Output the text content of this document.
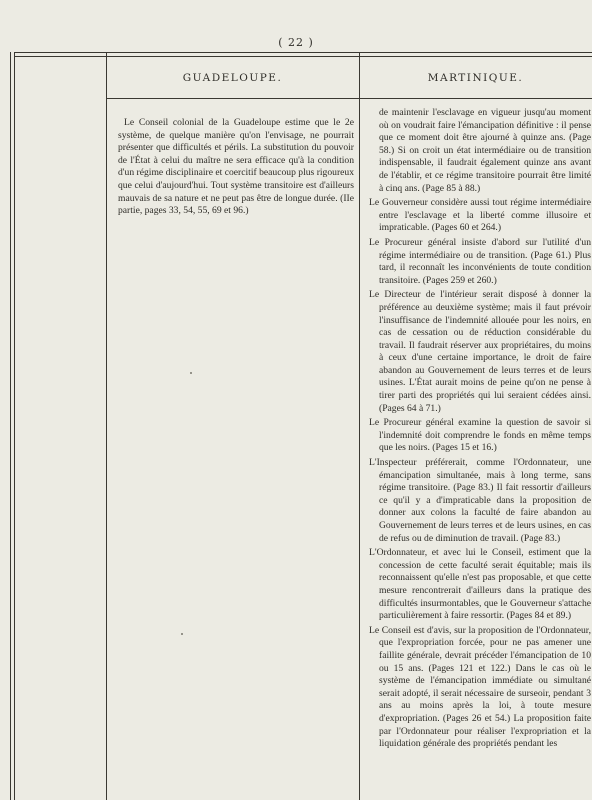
( 22 )
GUADELOUPE.	MARTINIQUE.

Le Conseil colonial de la Guadeloupe estime que le 2e système, de quelque manière qu'on l'envisage, ne pourrait présenter que difficultés et périls. La substitution du pouvoir de l'État à celui du maître ne sera efficace qu'à la condition d'un régime disciplinaire et coercitif beaucoup plus rigoureux que celui d'aujourd'hui. Tout système transitoire est d'ailleurs mauvais de sa nature et ne peut pas être de longue durée. (IIe partie, pages 33, 54, 55, 69 et 96.)

de maintenir l'esclavage en vigueur jusqu'au moment où on voudrait faire l'émancipation définitive : il pense que ce moment doit être ajourné à quinze ans. (Page 58.) Si on croit un état intermédiaire ou de transition indispensable, il faudrait également quinze ans avant de l'établir, et ce régime transitoire pourrait être limité à cinq ans. (Page 85 à 88.)

Le Gouverneur considère aussi tout régime intermédiaire entre l'esclavage et la liberté comme illusoire et impraticable. (Pages 60 et 264.)

Le Procureur général insiste d'abord sur l'utilité d'un régime intermédiaire ou de transition. (Page 61.) Plus tard, il reconnaît les inconvénients de toute condition transitoire. (Pages 259 et 260.)

Le Directeur de l'intérieur serait disposé à donner la préférence au deuxième système; mais il faut prévoir l'insuffisance de l'indemnité allouée pour les noirs, en cas de cessation ou de réduction considérable du travail. Il faudrait réserver aux propriétaires, du moins à ceux d'une certaine importance, le droit de faire abandon au Gouvernement de leurs terres et de leurs usines. L'État aurait moins de peine qu'on ne pense à tirer parti des propriétés qui lui seraient cédées ainsi. (Pages 64 à 71.)

Le Procureur général examine la question de savoir si l'indemnité doit comprendre le fonds en même temps que les noirs. (Pages 15 et 16.)

L'Inspecteur préférerait, comme l'Ordonnateur, une émancipation simultanée, mais à long terme, sans régime transitoire. (Page 83.) Il fait ressortir d'ailleurs ce qu'il y a d'impraticable dans la proposition de donner aux colons la faculté de faire abandon au Gouvernement de leurs terres et de leurs usines, en cas de refus ou de diminution de travail. (Page 83.)

L'Ordonnateur, et avec lui le Conseil, estiment que la concession de cette faculté serait équitable; mais ils reconnaissent qu'elle n'est pas proposable, et que cette mesure rencontrerait d'ailleurs dans la pratique des difficultés insurmontables, que le Gouverneur s'attache particulièrement à faire ressortir. (Pages 84 et 89.)

Le Conseil est d'avis, sur la proposition de l'Ordonnateur, que l'expropriation forcée, pour ne pas amener une faillite générale, devrait précéder l'émancipation de 10 ou 15 ans. (Pages 121 et 122.) Dans le cas où le système de l'émancipation immédiate ou simultané serait adopté, il serait nécessaire de surseoir, pendant 3 ans au moins après la loi, à toute mesure d'expropriation. (Pages 26 et 54.) La proposition faite par l'Ordonnateur pour réaliser l'expropriation et la liquidation générale des propriétés pendant les
